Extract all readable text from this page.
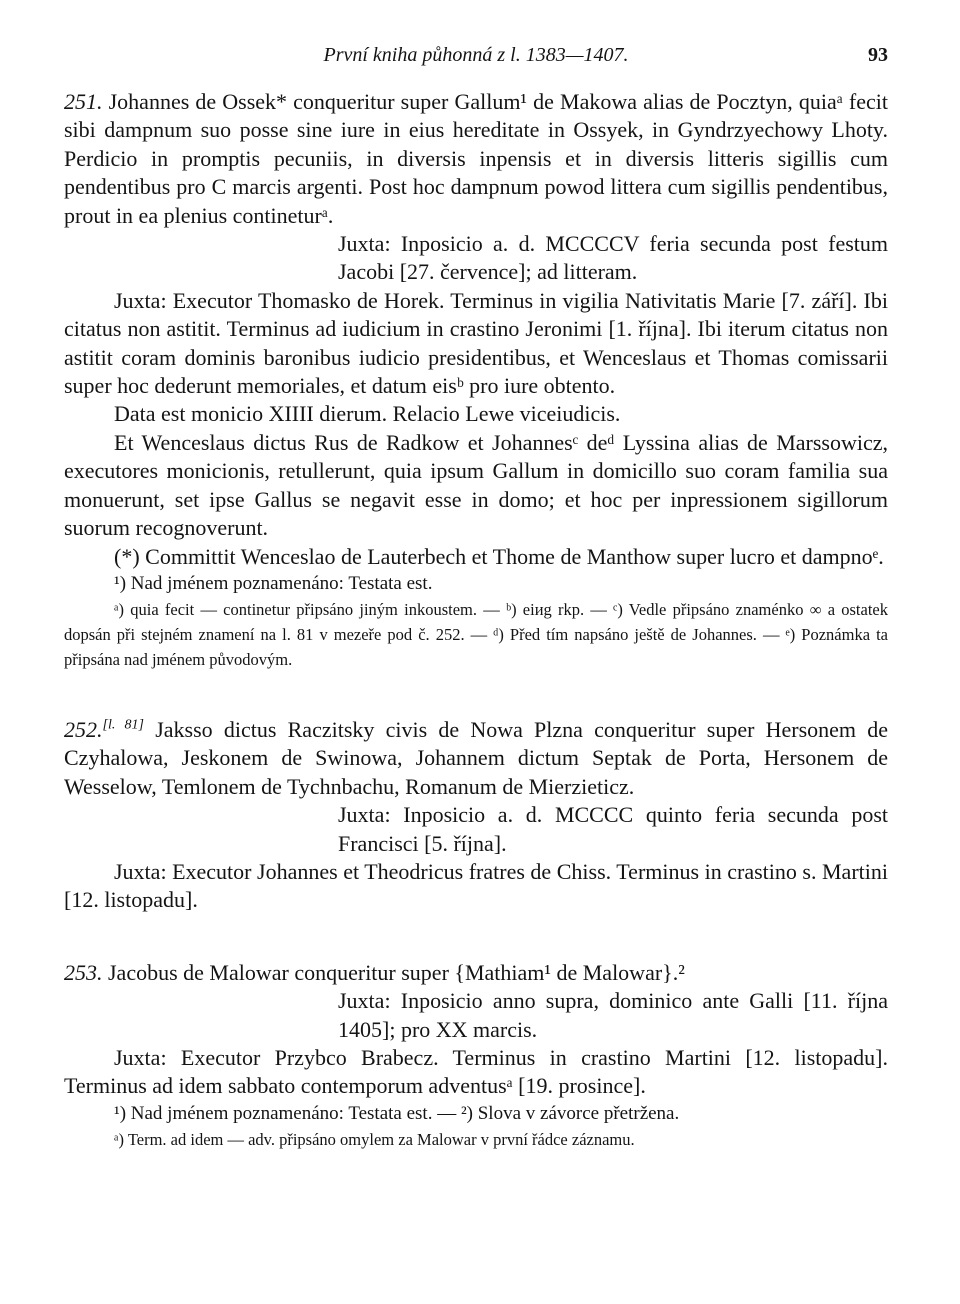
První kniha půhonná z l. 1383—1407.	93

251. Johannes de Ossek* conqueritur super Gallum¹ de Makowa alias de Pocztyn, quiaᵃ fecit sibi dampnum suo posse sine iure in eius hereditate in Ossyek, in Gyndrzyechowy Lhoty. Perdicio in promptis pecuniis, in diversis inpensis et in diversis litteris sigillis cum pendentibus pro C marcis argenti. Post hoc dampnum powod littera cum sigillis pendentibus, prout in ea plenius contineturᵃ.

Juxta: Inposicio a. d. MCCCCV feria secunda post festum Jacobi [27. července]; ad litteram.

Juxta: Executor Thomasko de Horek. Terminus in vigilia Nativitatis Marie [7. září]. Ibi citatus non astitit. Terminus ad iudicium in crastino Jeronimi [1. října]. Ibi iterum citatus non astitit coram dominis baronibus iudicio presidentibus, et Wenceslaus et Thomas comissarii super hoc dederunt memoriales, et datum eisᵇ pro iure obtento.

Data est monicio XIIII dierum. Relacio Lewe viceiudicis.

Et Wenceslaus dictus Rus de Radkow et Johannesᶜ deᵈ Lyssina alias de Marssowicz, executores monicionis, retullerunt, quia ipsum Gallum in domicillo suo coram familia sua monuerunt, set ipse Gallus se negavit esse in domo; et hoc per inpressionem sigillorum suorum recognoverunt.

(*) Committit Wenceslao de Lauterbech et Thome de Manthow super lucro et dampnoᵉ.

¹) Nad jménem poznamenáno: Testata est.

ᵃ) quia fecit — continetur připsáno jiným inkoustem. — ᵇ) eiиg rkp. — ᶜ) Vedle připsáno znaménko ∞ a ostatek dopsán při stejném znamení na l. 81 v mezeře pod č. 252. — ᵈ) Před tím napsáno ještě de Johannes. — ᵉ) Poznámka ta připsána nad jménem původovým.

252.[l. 81] Jaksso dictus Raczitsky civis de Nowa Plzna conqueritur super Hersonem de Czyhalowa, Jeskonem de Swinowa, Johannem dictum Septak de Porta, Hersonem de Wesselow, Temlonem de Tychnbachu, Romanum de Mierzieticz.

Juxta: Inposicio a. d. MCCCC quinto feria secunda post Francisci [5. října].

Juxta: Executor Johannes et Theodricus fratres de Chiss. Terminus in crastino s. Martini [12. listopadu].

253. Jacobus de Malowar conqueritur super {Mathiam¹ de Malowar}.²

Juxta: Inposicio anno supra, dominico ante Galli [11. října 1405]; pro XX marcis.

Juxta: Executor Przybco Brabecz. Terminus in crastino Martini [12. listopadu]. Terminus ad idem sabbato contemporum adventusᵃ [19. prosince].

¹) Nad jménem poznamenáno: Testata est. — ²) Slova v závorce přetržena.

ᵃ) Term. ad idem — adv. připsáno omylem za Malowar v první řádce záznamu.
